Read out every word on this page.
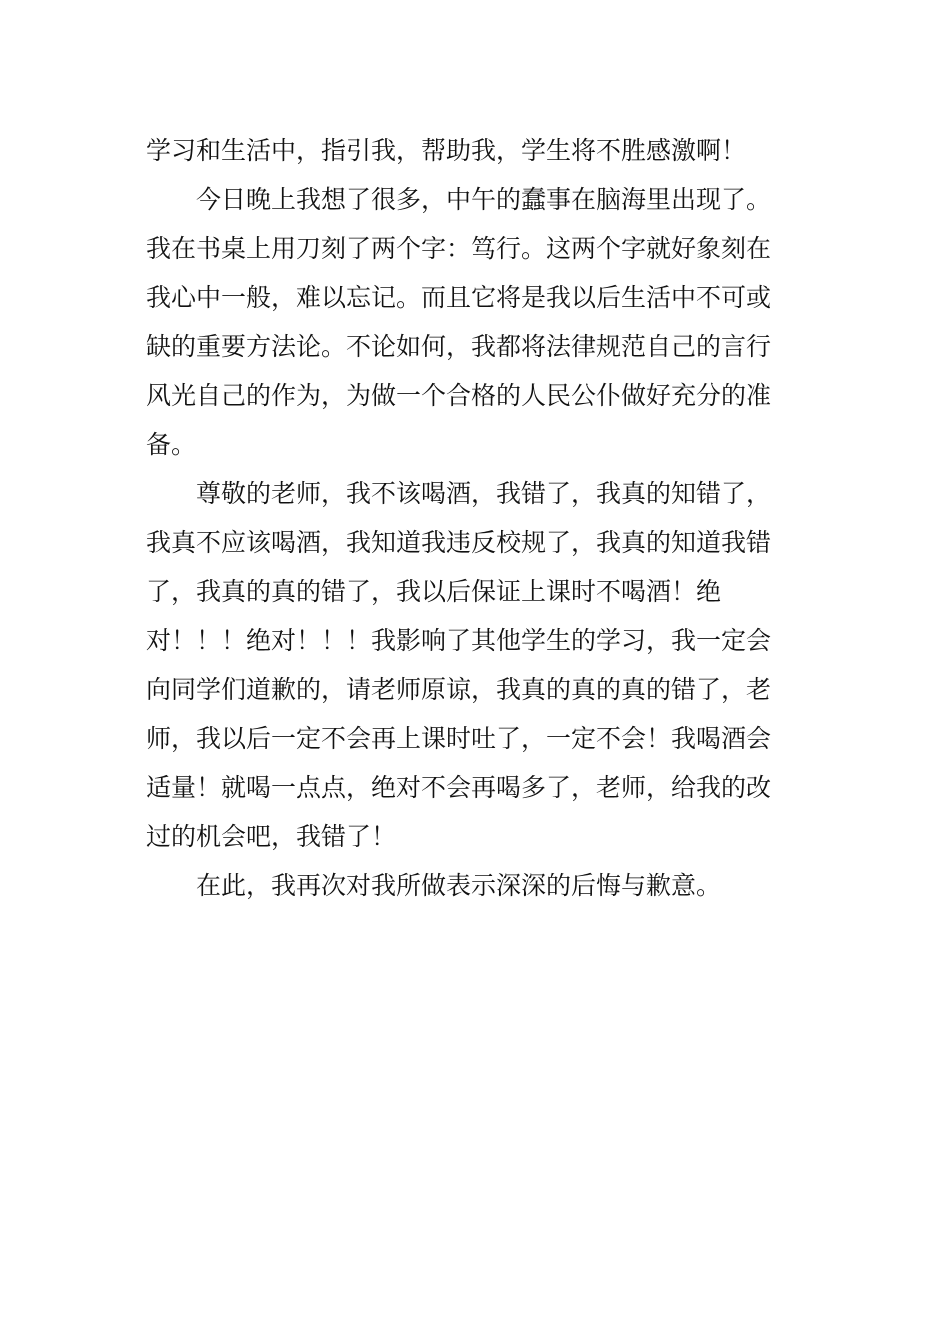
学习和生活中，指引我，帮助我，学生将不胜感激啊！

今日晚上我想了很多，中午的蠢事在脑海里出现了。
我在书桌上用刀刻了两个字：笃行。这两个字就好象刻在
我心中一般，难以忘记。而且它将是我以后生活中不可或
缺的重要方法论。不论如何，我都将法律规范自己的言行
风光自己的作为，为做一个合格的人民公仆做好充分的准
备。

尊敬的老师，我不该喝酒，我错了，我真的知错了，
我真不应该喝酒，我知道我违反校规了，我真的知道我错
了，我真的真的错了，我以后保证上课时不喝酒！绝
对！！！绝对！！！我影响了其他学生的学习，我一定会
向同学们道歉的，请老师原谅，我真的真的真的错了，老
师，我以后一定不会再上课时吐了，一定不会！我喝酒会
适量！就喝一点点，绝对不会再喝多了，老师，给我的改
过的机会吧，我错了！

在此，我再次对我所做表示深深的后悔与歉意。
